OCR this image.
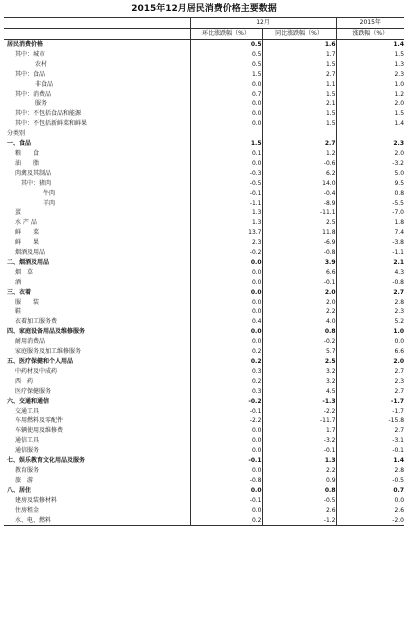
2015年12月居民消费价格主要数据
	12月		2015年
	环比涨跌幅（%）	同比涨跌幅（%）	涨跌幅（%）
居民消费价格	0.5	1.6	1.4
其中：城市	0.5	1.7	1.5
农村	0.5	1.5	1.3
其中：食品	1.5	2.7	2.3
非食品	0.0	1.1	1.0
其中：消费品	0.7	1.5	1.2
服务	0.0	2.1	2.0
其中：不包括食品和能源	0.0	1.5	1.5
其中：不包括新鲜菜和鲜果	0.0	1.5	1.4
分类别			
一、食品	1.5	2.7	2.3
粮　　食	0.1	1.2	2.0
油　　脂	0.0	-0.6	-3.2
肉禽及其制品	-0.3	6.2	5.0
其中：猪肉	-0.5	14.0	9.5
牛肉	-0.1	-0.4	0.8
羊肉	-1.1	-8.9	-5.5
蛋	1.3	-11.1	-7.0
水 产 品	1.3	2.5	1.8
鲜　　菜	13.7	11.8	7.4
鲜　　果	2.3	-6.9	-3.8
烟酒及用品	-0.2	-0.8	-1.1
二、烟酒及用品	0.0	3.9	2.1
烟　草	0.0	6.6	4.3
酒	0.0	-0.1	-0.8
三、衣着	0.0	2.0	2.7
服　　装	0.0	2.0	2.8
鞋	0.0	2.2	2.3
衣着加工服务费	0.4	4.0	5.2
四、家庭设备用品及维修服务	0.0	0.8	1.0
耐用消费品	0.0	-0.2	0.0
家庭服务及加工维修服务	0.2	5.7	6.6
五、医疗保健和个人用品	0.2	2.5	2.0
中药材及中成药	0.3	3.2	2.7
西　药	0.2	3.2	2.3
医疗保健服务	0.3	4.5	2.7
六、交通和通信	-0.2	-1.3	-1.7
交通工具	-0.1	-2.2	-1.7
车用燃料及零配件	-2.2	-11.7	-15.8
车辆使用及维修费	0.0	1.7	2.7
通信工具	0.0	-3.2	-3.1
通信服务	0.0	-0.1	-0.1
七、娱乐教育文化用品及服务	-0.1	1.3	1.4
教育服务	0.0	2.2	2.8
旅　游	-0.8	0.9	-0.5
八、居住	0.0	0.8	0.7
建房及装修材料	-0.1	-0.5	0.0
住房租金	0.0	2.6	2.6
水、电、燃料	0.2	-1.2	-2.0
